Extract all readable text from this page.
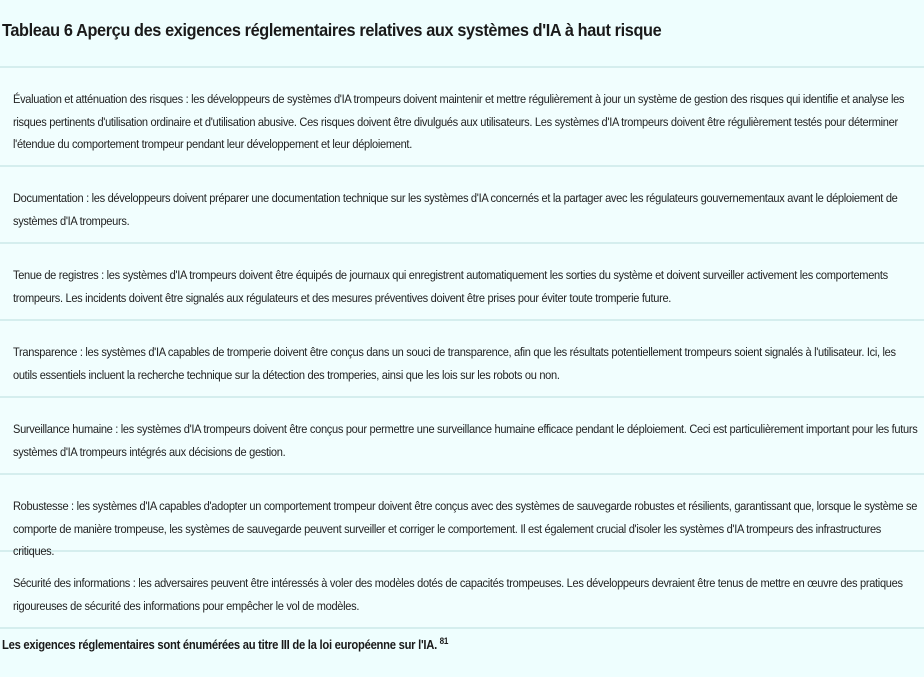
Tableau 6 Aperçu des exigences réglementaires relatives aux systèmes d'IA à haut risque
Évaluation et atténuation des risques : les développeurs de systèmes d'IA trompeurs doivent maintenir et mettre régulièrement à jour un système de gestion des risques qui identifie et analyse les risques pertinents d'utilisation ordinaire et d'utilisation abusive. Ces risques doivent être divulgués aux utilisateurs. Les systèmes d'IA trompeurs doivent être régulièrement testés pour déterminer l'étendue du comportement trompeur pendant leur développement et leur déploiement.
Documentation : les développeurs doivent préparer une documentation technique sur les systèmes d'IA concernés et la partager avec les régulateurs gouvernementaux avant le déploiement de systèmes d'IA trompeurs.
Tenue de registres : les systèmes d'IA trompeurs doivent être équipés de journaux qui enregistrent automatiquement les sorties du système et doivent surveiller activement les comportements trompeurs. Les incidents doivent être signalés aux régulateurs et des mesures préventives doivent être prises pour éviter toute tromperie future.
Transparence : les systèmes d'IA capables de tromperie doivent être conçus dans un souci de transparence, afin que les résultats potentiellement trompeurs soient signalés à l'utilisateur. Ici, les outils essentiels incluent la recherche technique sur la détection des tromperies, ainsi que les lois sur les robots ou non.
Surveillance humaine : les systèmes d'IA trompeurs doivent être conçus pour permettre une surveillance humaine efficace pendant le déploiement. Ceci est particulièrement important pour les futurs systèmes d'IA trompeurs intégrés aux décisions de gestion.
Robustesse : les systèmes d'IA capables d'adopter un comportement trompeur doivent être conçus avec des systèmes de sauvegarde robustes et résilients, garantissant que, lorsque le système se comporte de manière trompeuse, les systèmes de sauvegarde peuvent surveiller et corriger le comportement. Il est également crucial d'isoler les systèmes d'IA trompeurs des infrastructures critiques.
Sécurité des informations : les adversaires peuvent être intéressés à voler des modèles dotés de capacités trompeuses. Les développeurs devraient être tenus de mettre en œuvre des pratiques rigoureuses de sécurité des informations pour empêcher le vol de modèles.
Les exigences réglementaires sont énumérées au titre III de la loi européenne sur l'IA. $^{81}$
